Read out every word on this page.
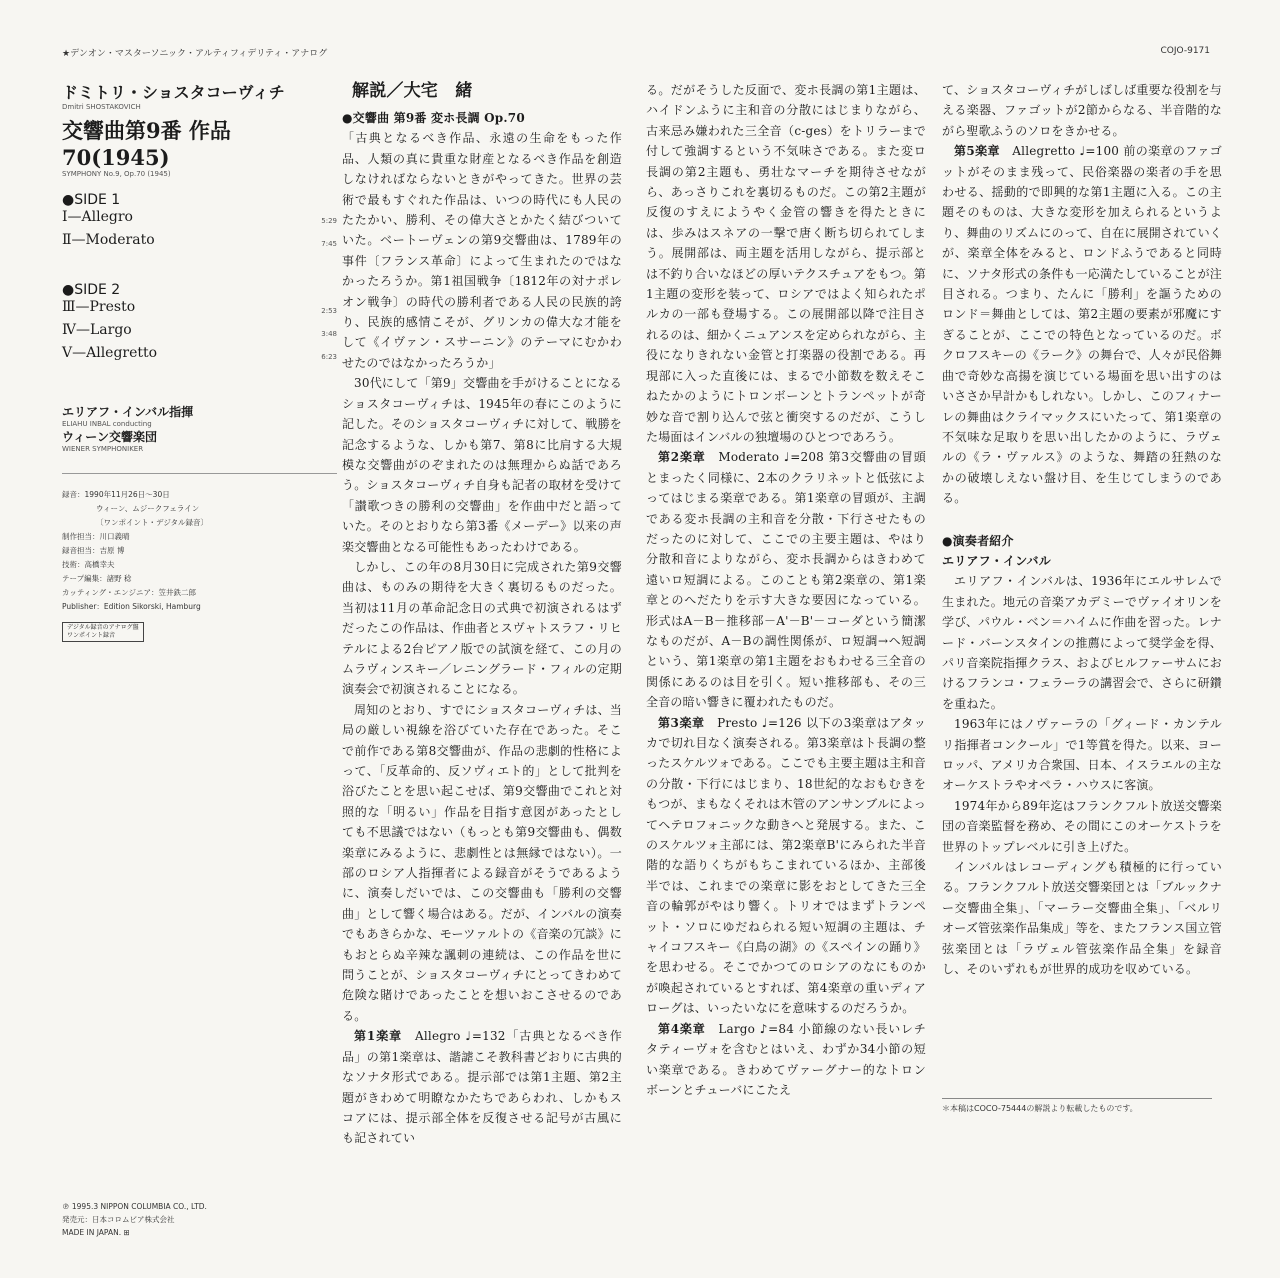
★デンオン・マスターソニック・アルティフィデリティ・アナログ	COJO-9171
ドミトリ・ショスタコーヴィチ
Dmitri SHOSTAKOVICH
交響曲第9番 作品70(1945)
SYMPHONY No.9, Op.70 (1945)
●SIDE 1
Ⅰ—Allegro	5:29
Ⅱ—Moderato	7:45
●SIDE 2
Ⅲ—Presto	2:53
Ⅳ—Largo	3:48
Ⅴ—Allegretto	6:23
エリアフ・インバル指揮
ELIAHU INBAL conducting
ウィーン交響楽団
WIENER SYMPHONIKER
録音：1990年11月26日〜30日
ウィーン、ムジークフェライン
〔ワンポイント・デジタル録音〕
制作担当：川口義晴
録音担当：吉原 博
技術：高橋幸夫
テープ編集：諸野 稔
カッティング・エンジニア：笠井鉄二郎
Publisher：Edition Sikorski, Hamburg
デジタル録音のアナログ盤
ワンポイント録音
℗ 1995.3 NIPPON COLUMBIA CO., LTD.
発売元：日本コロムビア株式会社
MADE IN JAPAN. ⊞
解説／大宅　緒

●交響曲 第9番 変ホ長調 Op.70

「古典となるべき作品、永遠の生命をもった作品、人類の真に貴重な財産となるべき作品を創造しなければならないときがやってきた。世界の芸術で最もすぐれた作品は、いつの時代にも人民のたたかい、勝利、その偉大さとかたく結びついていた。ベートーヴェンの第9交響曲は、1789年の事件〔フランス革命〕によって生まれたのではなかったろうか。第1祖国戦争〔1812年の対ナポレオン戦争〕の時代の勝利者である人民の民族的誇り、民族的感情こそが、グリンカの偉大な才能をして《イヴァン・スサーニン》のテーマにむかわせたのではなかったろうか」

30代にして「第9」交響曲を手がけることになるショスタコーヴィチは、1945年の春にこのように記した。そのショスタコーヴィチに対して、戦勝を記念するような、しかも第7、第8に比肩する大規模な交響曲がのぞまれたのは無理からぬ話であろう。ショスタコーヴィチ自身も記者の取材を受けて「讃歌つきの勝利の交響曲」を作曲中だと語っていた。そのとおりなら第3番《メーデー》以来の声楽交響曲となる可能性もあったわけである。

しかし、この年の8月30日に完成された第9交響曲は、ものみの期待を大きく裏切るものだった。当初は11月の革命記念日の式典で初演されるはずだったこの作品は、作曲者とスヴャトスラフ・リヒテルによる2台ピアノ版での試演を経て、この月のムラヴィンスキー／レニングラード・フィルの定期演奏会で初演されることになる。

周知のとおり、すでにショスタコーヴィチは、当局の厳しい視線を浴びていた存在であった。そこで前作である第8交響曲が、作品の悲劇的性格によって、「反革命的、反ソヴィエト的」として批判を浴びたことを思い起こせば、第9交響曲でこれと対照的な「明るい」作品を目指す意図があったとしても不思議ではない（もっとも第9交響曲も、偶数楽章にみるように、悲劇性とは無縁ではない）。一部のロシア人指揮者による録音がそうであるように、演奏しだいでは、この交響曲も「勝利の交響曲」として響く場合はある。だが、インバルの演奏でもあきらかな、モーツァルトの《音楽の冗談》にもおとらぬ辛辣な諷刺の連続は、この作品を世に問うことが、ショスタコーヴィチにとってきわめて危険な賭けであったことを想いおこさせるのである。

第1楽章　 Allegro ♩=132「古典となるべき作品」の第1楽章は、諧謔こそ教科書どおりに古典的なソナタ形式である。提示部では第1主題、第2主題がきわめて明瞭なかたちであらわれ、しかもスコアには、提示部全体を反復させる記号が古風にも記されてい

る。だがそうした反面で、変ホ長調の第1主題は、ハイドンふうに主和音の分散にはじまりながら、古来忌み嫌われた三全音（c-ges）をトリラーまで付して強調するという不気味さである。また変ロ長調の第2主題も、勇壮なマーチを期待させながら、あっさりこれを裏切るものだ。この第2主題が反復のすえにようやく金管の響きを得たときには、歩みはスネアの一撃で唐く断ち切られてしまう。展開部は、両主題を活用しながら、提示部とは不釣り合いなほどの厚いテクスチュアをもつ。第1主題の変形を装って、ロシアではよく知られたポルカの一部も登場する。この展開部以降で注目されるのは、細かくニュアンスを定められながら、主役になりきれない金管と打楽器の役割である。再現部に入った直後には、まるで小節数を数えそこねたかのようにトロンボーンとトランペットが奇妙な音で割り込んで弦と衝突するのだが、こうした場面はインバルの独壇場のひとつであろう。

第2楽章　 Moderato ♩=208 第3交響曲の冒頭とまったく同様に、2本のクラリネットと低弦によってはじまる楽章である。第1楽章の冒頭が、主調である変ホ長調の主和音を分散・下行させたものだったのに対して、ここでの主要主題は、やはり分散和音によりながら、変ホ長調からはきわめて遠いロ短調による。このことも第2楽章の、第1楽章とのへだたりを示す大きな要因になっている。形式はA－B－推移部－A'－B'－コーダという簡潔なものだが、A－Bの調性関係が、ロ短調→ヘ短調という、第1楽章の第1主題をおもわせる三全音の関係にあるのは目を引く。短い推移部も、その三全音の暗い響きに覆われたものだ。

第3楽章　 Presto ♩=126 以下の3楽章はアタッカで切れ目なく演奏される。第3楽章はト長調の整ったスケルツォである。ここでも主要主題は主和音の分散・下行にはじまり、18世紀的なおもむきをもつが、まもなくそれは木管のアンサンブルによってヘテロフォニックな動きへと発展する。また、このスケルツォ主部には、第2楽章B'にみられた半音階的な語りくちがもちこまれているほか、主部後半では、これまでの楽章に影をおとしてきた三全音の輪郭がやはり響く。トリオではまずトランペット・ソロにゆだねられる短い短調の主題は、チャイコフスキー《白鳥の湖》の《スペインの踊り》を思わせる。そこでかつてのロシアのなにものかが喚起されているとすれば、第4楽章の重いディアローグは、いったいなにを意味するのだろうか。

第4楽章　 Largo ♪=84 小節線のない長いレチタティーヴォを含むとはいえ、わずか34小節の短い楽章である。きわめてヴァーグナー的なトロンボーンとチューバにこたえ

て、ショスタコーヴィチがしばしば重要な役割を与える楽器、ファゴットが2節からなる、半音階的ながら聖歌ふうのソロをきかせる。

第5楽章　 Allegretto ♩=100 前の楽章のファゴットがそのまま残って、民俗楽器の楽者の手を思わせる、揺動的で即興的な第1主題に入る。この主題そのものは、大きな変形を加えられるというより、舞曲のリズムにのって、自在に展開されていくが、楽章全体をみると、ロンドふうであると同時に、ソナタ形式の条件も一応満たしていることが注目される。つまり、たんに「勝利」を謳うためのロンド＝舞曲としては、第2主題の要素が邪魔にすぎることが、ここでの特色となっているのだ。ボクロフスキーの《ラーク》の舞台で、人々が民俗舞曲で奇妙な高揚を演じている場面を思い出すのはいささか早計かもしれない。しかし、このフィナーレの舞曲はクライマックスにいたって、第1楽章の不気味な足取りを思い出したかのように、ラヴェルの《ラ・ヴァルス》のような、舞踏の狂熱のなかの破壊しえない盤け目、を生じてしまうのである。

●演奏者紹介

エリアフ・インバル

エリアフ・インバルは、1936年にエルサレムで生まれた。地元の音楽アカデミーでヴァイオリンを学び、パウル・ベン＝ハイムに作曲を習った。レナード・バーンスタインの推薦によって奨学金を得、パリ音楽院指揮クラス、およびヒルファーサムにおけるフランコ・フェラーラの講習会で、さらに研鑽を重ねた。

1963年にはノヴァーラの「グィード・カンテルリ指揮者コンクール」で1等賞を得た。以来、ヨーロッパ、アメリカ合衆国、日本、イスラエルの主なオーケストラやオペラ・ハウスに客演。

1974年から89年迄はフランクフルト放送交響楽団の音楽監督を務め、その間にこのオーケストラを世界のトップレベルに引き上げた。

インバルはレコーディングも積極的に行っている。フランクフルト放送交響楽団とは「ブルックナー交響曲全集」、「マーラー交響曲全集」、「ベルリオーズ管弦楽作品集成」等を、またフランス国立管弦楽団とは「ラヴェル管弦楽作品全集」を録音し、そのいずれもが世界的成功を収めている。

＊本稿はCOCO-75444の解説より転載したものです。
